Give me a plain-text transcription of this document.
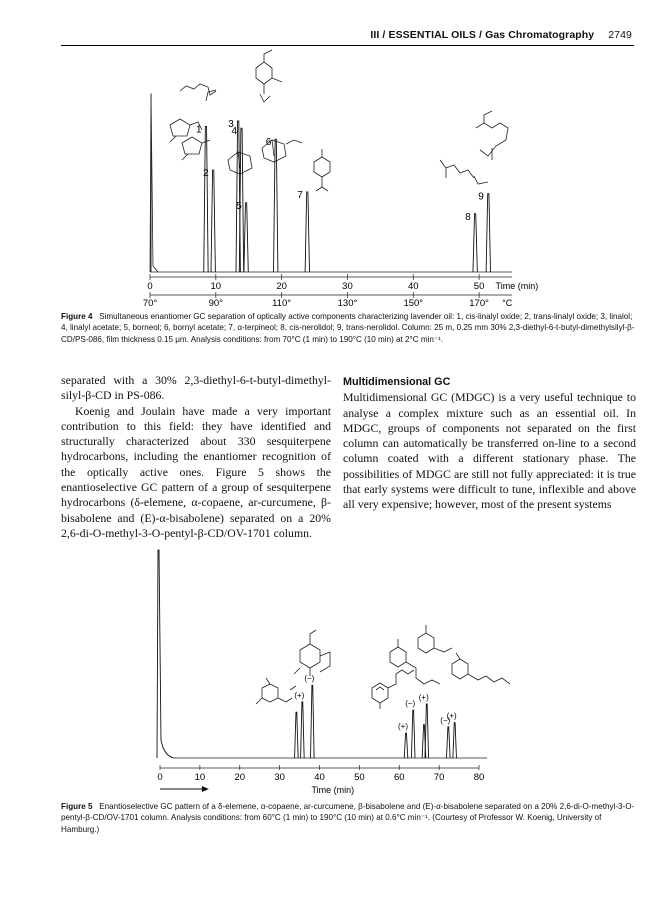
III / ESSENTIAL OILS / Gas Chromatography 2749
1
2
3
4
5
6
7
8
9
0	10	20	30	40	50
70°	90°	110°	130°	150°	170°
Time (min)
°C
Figure 4 Simultaneous enantiomer GC separation of optically active components characterizing lavender oil: 1, cis-linalyl oxide; 2, trans-linalyl oxide; 3, linalol; 4, linalyl acetate; 5, borneol; 6, bornyl acetate; 7, α-terpineol; 8, cis-nerolidol; 9, trans-nerolidol. Column: 25 m, 0.25 mm 30% 2,3-diethyl-6-t-butyl-dimethylsilyl-β-CD/PS-086, film thickness 0.15 μm. Analysis conditions: from 70°C (1 min) to 190°C (10 min) at 2°C min⁻¹.

separated with a 30% 2,3-diethyl-6-t-butyl-dimethyl-silyl-β-CD in PS-086.

Koenig and Joulain have made a very important contribution to this field: they have identified and structurally characterized about 330 sesquiterpene hydrocarbons, including the enantiomer recognition of the optically active ones. Figure 5 shows the enantioselective GC pattern of a group of sesquiterpene hydrocarbons (δ-elemene, α-copaene, ar-curcumene, β-bisabolene and (E)-α-bisabolene) separated on a 20% 2,6-di-O-methyl-3-O-pentyl-β-CD/OV-1701 column.

Multidimensional GC

Multidimensional GC (MDGC) is a very useful technique to analyse a complex mixture such as an essential oil. In MDGC, groups of components not separated on the first column can automatically be transferred on-line to a second column coated with a different stationary phase. The possibilities of MDGC are still not fully appreciated: it is true that early systems were difficult to tune, inflexible and above all very expensive; however, most of the present systems

(+)
(−)
(+)
(−)
(+)
(−)
(+)
0	10	20	30	40	50	60	70	80
Time (min)
Figure 5 Enantioselective GC pattern of a δ-elemene, α-copaene, ar-curcumene, β-bisabolene and (E)-α-bisabolene separated on a 20% 2,6-di-O-methyl-3-O-pentyl-β-CD/OV-1701 column. Analysis conditions: from 60°C (1 min) to 190°C (10 min) at 0.6°C min⁻¹. (Courtesy of Professor W. Koenig, University of Hamburg.)
